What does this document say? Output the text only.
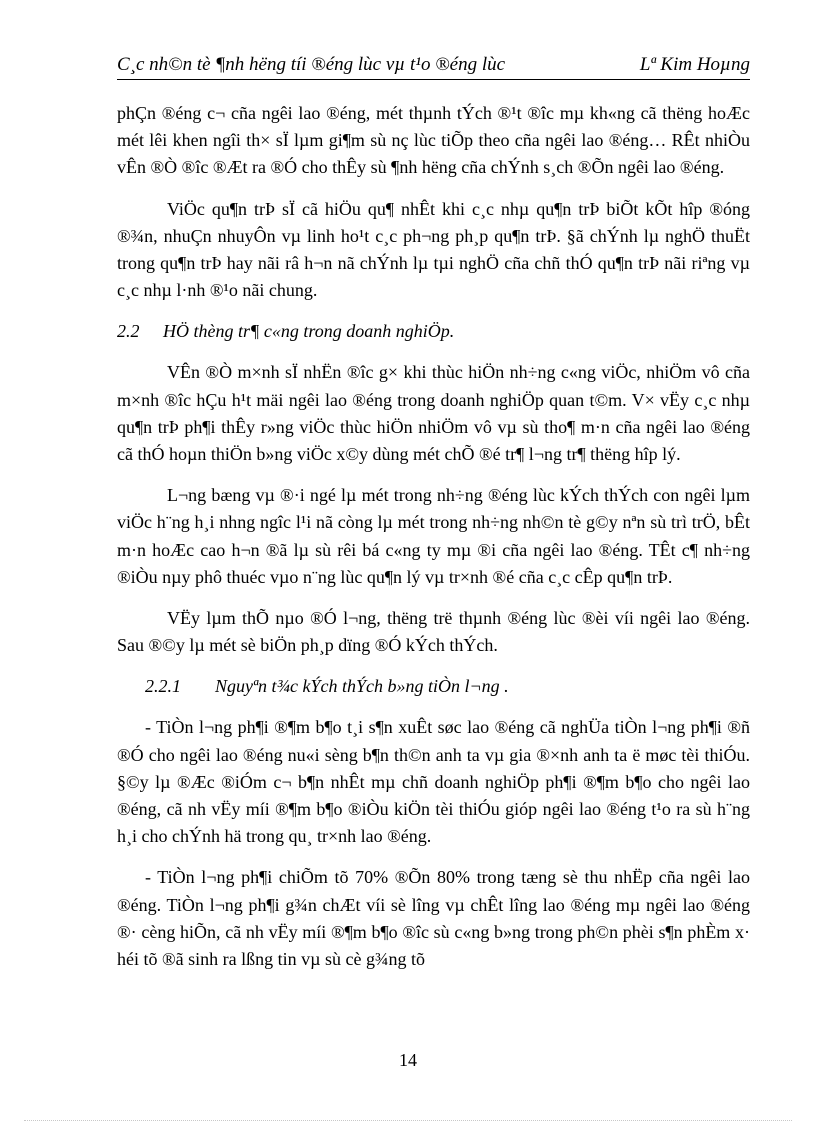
C¸c nh©n tè ¶nh hëng tíi ®éng lùc vµ t¹o ®éng lùc	Lª Kim Hoµng

phÇn ®éng c¬ cña ngêi lao ®éng, mét thµnh tÝch ®¹t ®îc mµ kh«ng cã thëng hoÆc mét lêi khen ngîi th× sÏ lµm gi¶m sù nç lùc tiÕp theo cña ngêi lao ®éng… RÊt nhiÒu vÊn ®Ò ®îc ®Æt ra ®Ó cho thÊy sù ¶nh hëng cña chÝnh s¸ch ®Õn ngêi lao ®éng.

ViÖc qu¶n trÞ sÏ cã hiÖu qu¶ nhÊt khi c¸c nhµ qu¶n trÞ biÕt kÕt hîp ®óng ®¾n, nhuÇn nhuyÔn vµ linh ho¹t c¸c ph¬ng ph¸p qu¶n trÞ. §ã chÝnh lµ nghÖ thuËt trong qu¶n trÞ hay nãi râ h¬n nã chÝnh lµ tµi nghÖ cña chñ thÓ qu¶n trÞ nãi riªng vµ c¸c nhµ l·nh ®¹o nãi chung.

2.2 HÖ thèng tr¶ c«ng trong doanh nghiÖp.

VÊn ®Ò m×nh sÏ nhËn ®îc g× khi thùc hiÖn nh÷ng c«ng viÖc, nhiÖm vô cña m×nh ®îc hÇu h¹t mäi ngêi lao ®éng trong doanh nghiÖp quan t©m. V× vËy c¸c nhµ qu¶n trÞ ph¶i thÊy r»ng viÖc thùc hiÖn nhiÖm vô vµ sù tho¶ m·n cña ngêi lao ®éng cã thÓ hoµn thiÖn b»ng viÖc x©y dùng mét chÕ ®é tr¶ l¬ng tr¶ thëng hîp lý.

L¬ng bæng vµ ®·i ngé lµ mét trong nh÷ng ®éng lùc kÝch thÝch con ngêi lµm viÖc h¨ng h¸i nhng ngîc l¹i nã còng lµ mét trong nh÷ng nh©n tè g©y nªn sù trì trÖ, bÊt m·n hoÆc cao h¬n ®ã lµ sù rêi bá c«ng ty mµ ®i cña ngêi lao ®éng. TÊt c¶ nh÷ng ®iÒu nµy phô thuéc vµo n¨ng lùc qu¶n lý vµ tr×nh ®é cña c¸c cÊp qu¶n trÞ.

VËy lµm thÕ nµo ®Ó l¬ng, thëng trë thµnh ®éng lùc ®èi víi ngêi lao ®éng. Sau ®©y lµ mét sè biÖn ph¸p dïng ®Ó kÝch thÝch.

2.2.1 Nguyªn t¾c kÝch thÝch b»ng tiÒn l¬ng .

- TiÒn l¬ng ph¶i ®¶m b¶o t¸i s¶n xuÊt søc lao ®éng cã nghÜa tiÒn l¬ng ph¶i ®ñ ®Ó cho ngêi lao ®éng nu«i sèng b¶n th©n anh ta vµ gia ®×nh anh ta ë møc tèi thiÓu. §©y lµ ®Æc ®iÓm c¬ b¶n nhÊt mµ chñ doanh nghiÖp ph¶i ®¶m b¶o cho ngêi lao ®éng, cã nh vËy míi ®¶m b¶o ®iÒu kiÖn tèi thiÓu gióp ngêi lao ®éng t¹o ra sù h¨ng h¸i cho chÝnh hä trong qu¸ tr×nh lao ®éng.

- TiÒn l¬ng ph¶i chiÕm tõ 70% ®Õn 80% trong tæng sè thu nhËp cña ngêi lao ®éng. TiÒn l¬ng ph¶i g¾n chÆt víi sè lîng vµ chÊt lîng lao ®éng mµ ngêi lao ®éng ®· cèng hiÕn, cã nh vËy míi ®¶m b¶o ®îc sù c«ng b»ng trong ph©n phèi s¶n phÈm x· héi tõ ®ã sinh ra lßng tin vµ sù cè g¾ng tõ

14
